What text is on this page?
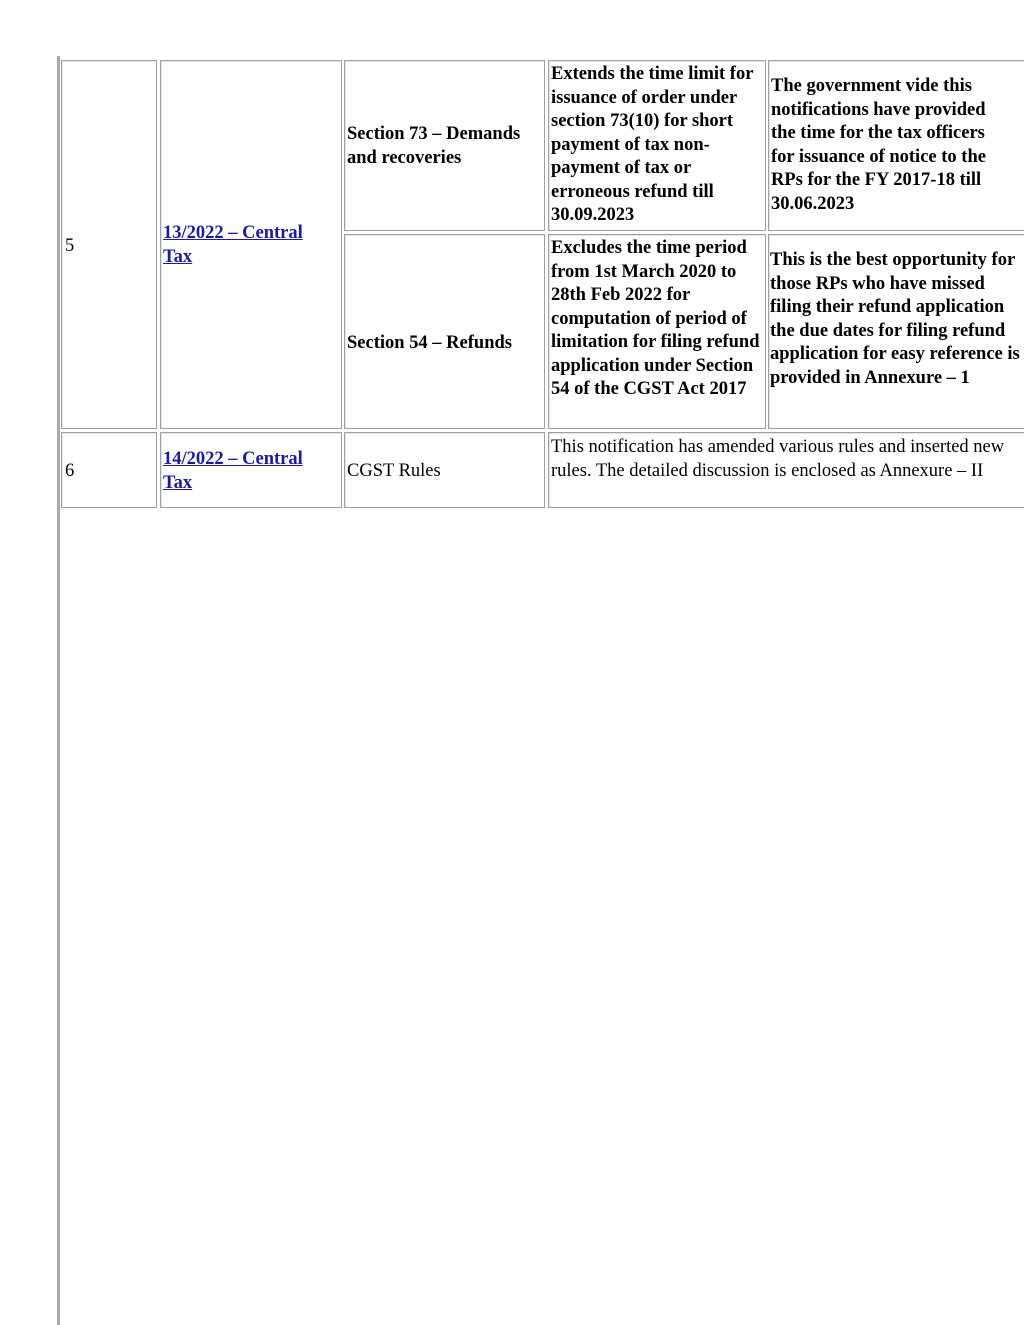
5
13/2022 – Central Tax
Section 73 – Demands and recoveries
Extends the time limit for issuance of order under section 73(10) for short payment of tax non-payment of tax or erroneous refund till 30.09.2023
The government vide this notifications have provided the time for the tax officers for issuance of notice to the RPs for the FY 2017-18 till 30.06.2023
Section 54 – Refunds
Excludes the time period from 1st March 2020 to 28th Feb 2022 for computation of period of limitation for filing refund application under Section 54 of the CGST Act 2017
This is the best opportunity for those RPs who have missed filing their refund application the due dates for filing refund application for easy reference is provided in Annexure – 1
6
14/2022 – Central Tax
CGST Rules
This notification has amended various rules and inserted new rules. The detailed discussion is enclosed as Annexure – II
